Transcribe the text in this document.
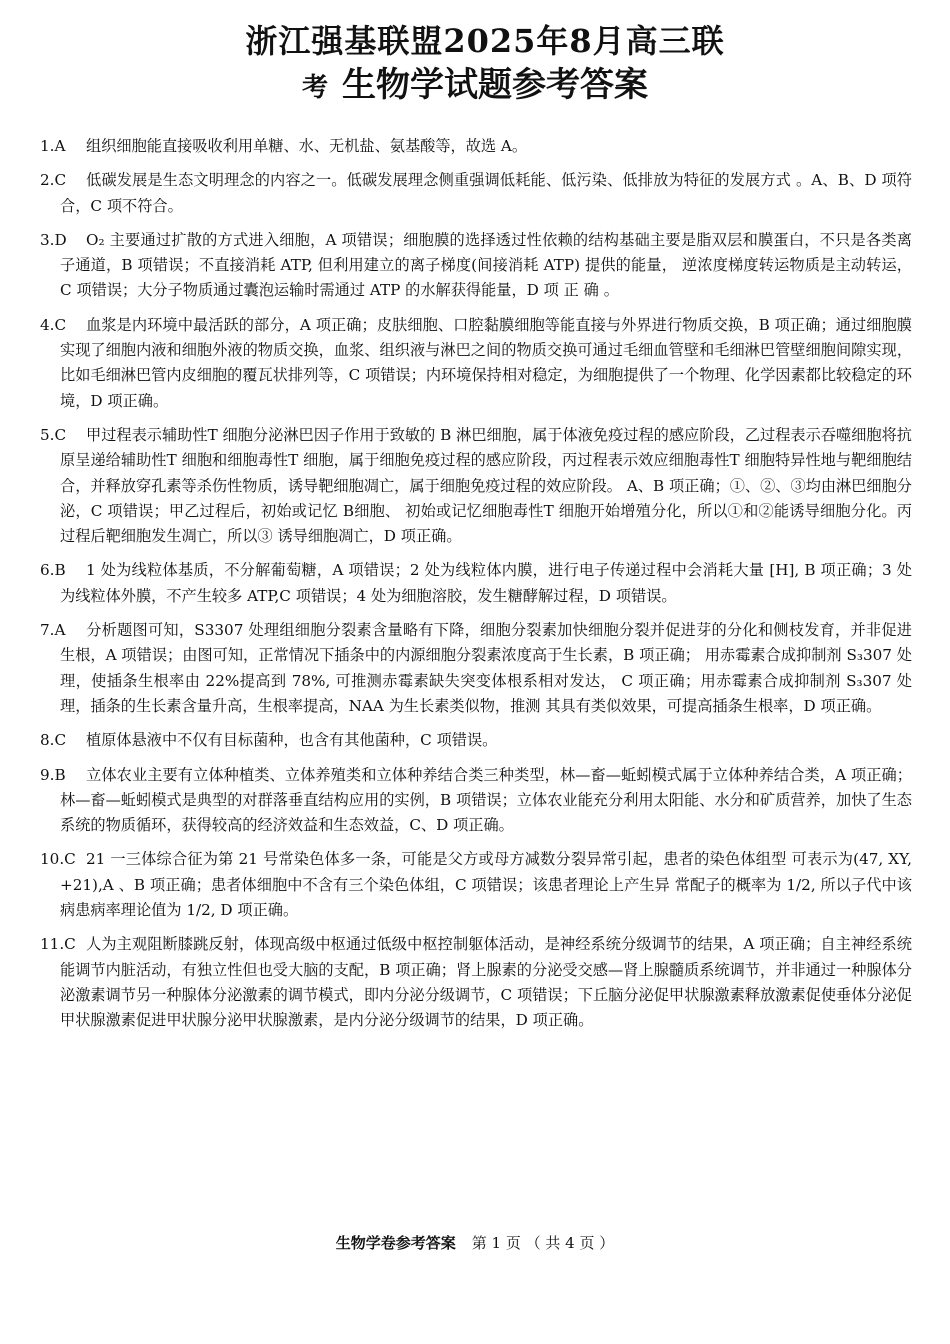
浙江强基联盟2025年8月高三联
考 生物学试题参考答案

1.A 组织细胞能直接吸收利用单糖、水、无机盐、氨基酸等，故选 A。

2.C 低碳发展是生态文明理念的内容之一。低碳发展理念侧重强调低耗能、低污染、低排放为特征的发展方式 。A、B、D 项符合，C 项不符合。

3.D O₂ 主要通过扩散的方式进入细胞，A 项错误；细胞膜的选择透过性依赖的结构基础主要是脂双层和膜蛋白，不只是各类离子通道，B 项错误；不直接消耗 ATP, 但利用建立的离子梯度(间接消耗 ATP) 提供的能量， 逆浓度梯度转运物质是主动转运，C 项错误；大分子物质通过囊泡运输时需通过 ATP 的水解获得能量，D 项 正 确 。

4.C 血浆是内环境中最活跃的部分，A 项正确；皮肤细胞、口腔黏膜细胞等能直接与外界进行物质交换，B 项正确；通过细胞膜实现了细胞内液和细胞外液的物质交换，血浆、组织液与淋巴之间的物质交换可通过毛细血管壁和毛细淋巴管壁细胞间隙实现，比如毛细淋巴管内皮细胞的覆瓦状排列等，C 项错误；内环境保持相对稳定，为细胞提供了一个物理、化学因素都比较稳定的环境，D 项正确。

5.C 甲过程表示辅助性T 细胞分泌淋巴因子作用于致敏的 B 淋巴细胞，属于体液免疫过程的感应阶段，乙过程表示吞噬细胞将抗原呈递给辅助性T 细胞和细胞毒性T 细胞，属于细胞免疫过程的感应阶段，丙过程表示效应细胞毒性T 细胞特异性地与靶细胞结合，并释放穿孔素等杀伤性物质，诱导靶细胞凋亡，属于细胞免疫过程的效应阶段。 A、B 项正确；①、②、③均由淋巴细胞分泌，C 项错误；甲乙过程后，初始或记忆 B细胞、 初始或记忆细胞毒性T 细胞开始增殖分化，所以①和②能诱导细胞分化。丙过程后靶细胞发生凋亡，所以③ 诱导细胞凋亡，D 项正确。

6.B 1 处为线粒体基质，不分解葡萄糖，A 项错误；2 处为线粒体内膜，进行电子传递过程中会消耗大量 [H], B 项正确；3 处为线粒体外膜，不产生较多 ATP,C 项错误；4 处为细胞溶胶，发生糖酵解过程，D 项错误。

7.A 分析题图可知，S3307 处理组细胞分裂素含量略有下降，细胞分裂素加快细胞分裂并促进芽的分化和侧枝发育，并非促进生根，A 项错误；由图可知，正常情况下插条中的内源细胞分裂素浓度高于生长素，B 项正确； 用赤霉素合成抑制剂 S₃307 处理，使插条生根率由 22%提高到 78%, 可推测赤霉素缺失突变体根系相对发达， C 项正确；用赤霉素合成抑制剂 S₃307 处理，插条的生长素含量升高，生根率提高，NAA 为生长素类似物，推测 其具有类似效果，可提高插条生根率，D 项正确。

8.C 植原体悬液中不仅有目标菌种，也含有其他菌种，C 项错误。

9.B 立体农业主要有立体种植类、立体养殖类和立体种养结合类三种类型，林—畜—蚯蚓模式属于立体种养结合类，A 项正确；林—畜—蚯蚓模式是典型的对群落垂直结构应用的实例，B 项错误；立体农业能充分利用太阳能、水分和矿质营养，加快了生态系统的物质循环，获得较高的经济效益和生态效益，C、D 项正确。

10.C 21 一三体综合征为第 21 号常染色体多一条，可能是父方或母方减数分裂异常引起，患者的染色体组型 可表示为(47, XY,+21),A 、B 项正确；患者体细胞中不含有三个染色体组，C 项错误；该患者理论上产生异 常配子的概率为 1/2, 所以子代中该病患病率理论值为 1/2, D 项正确。

11.C 人为主观阻断膝跳反射，体现高级中枢通过低级中枢控制躯体活动，是神经系统分级调节的结果，A 项正确；自主神经系统能调节内脏活动，有独立性但也受大脑的支配，B 项正确；肾上腺素的分泌受交感—肾上腺髓质系统调节，并非通过一种腺体分泌激素调节另一种腺体分泌激素的调节模式，即内分泌分级调节，C 项错误；下丘脑分泌促甲状腺激素释放激素促使垂体分泌促甲状腺激素促进甲状腺分泌甲状腺激素，是内分泌分级调节的结果，D 项正确。

生物学卷参考答案 第 1 页 （ 共 4 页 ）
